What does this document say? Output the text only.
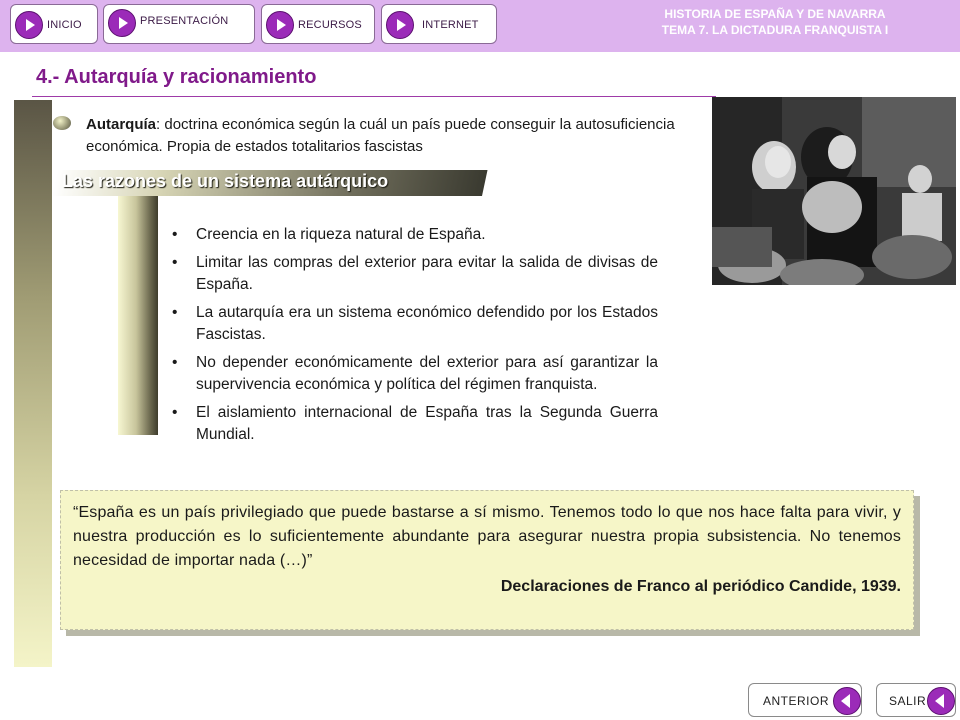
INICIO	PRESENTACIÓN	RECURSOS	INTERNET
HISTORIA DE ESPAÑA Y DE NAVARRA
TEMA 7. LA DICTADURA FRANQUISTA I
4.- Autarquía y racionamiento
Autarquía: doctrina económica según la cuál un país puede conseguir la autosuficiencia económica. Propia de estados totalitarios fascistas
Las razones de un sistema autárquico
• Creencia en la riqueza natural de España.
• Limitar las compras del exterior para evitar la salida de divisas de España.
• La autarquía era un sistema económico defendido por los Estados Fascistas.
• No depender económicamente del exterior para así garantizar la supervivencia económica y política del régimen franquista.
• El aislamiento internacional de España tras la Segunda Guerra Mundial.
“España es un país privilegiado que puede bastarse a sí mismo. Tenemos todo lo que nos hace falta para vivir, y nuestra producción es lo suficientemente abundante para asegurar nuestra propia subsistencia. No tenemos necesidad de importar nada (…)”
Declaraciones de Franco al periódico Candide, 1939.
ANTERIOR	SALIR
